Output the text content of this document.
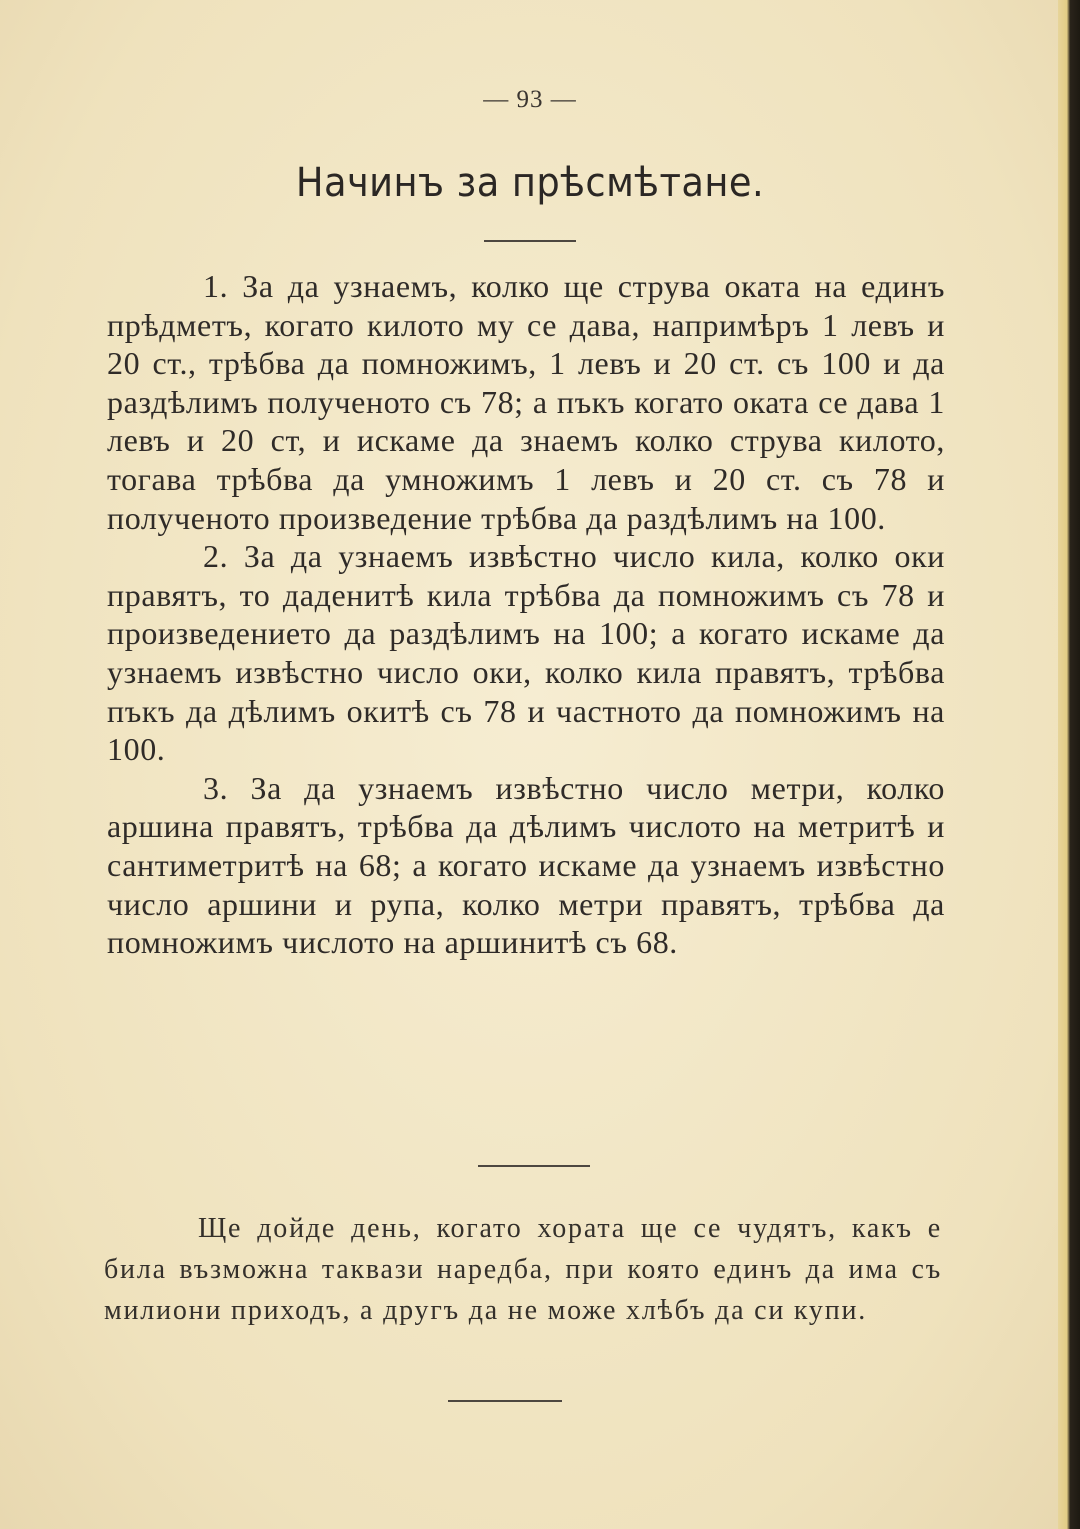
— 93 —
Начинъ за прѣсмѣтане.

1. За да узнаемъ, колко ще струва оката на единъ прѣдметъ, когато килото му се дава, напримѣръ 1 левъ и 20 ст., трѣбва да помножимъ, 1 левъ и 20 ст. съ 100 и да раздѣлимъ полученото съ 78; а пъкъ когато оката се дава 1 левъ и 20 ст, и искаме да знаемъ колко струва килото, тогава трѣбва да умножимъ 1 левъ и 20 ст. съ 78 и полученото произведение трѣбва да раздѣлимъ на 100.

2. За да узнаемъ извѣстно число кила, колко оки правятъ, то даденитѣ кила трѣбва да помножимъ съ 78 и произведението да раздѣлимъ на 100; а когато искаме да узнаемъ извѣстно число оки, колко кила правятъ, трѣбва пъкъ да дѣлимъ окитѣ съ 78 и частното да помножимъ на 100.

3. За да узнаемъ извѣстно число метри, колко аршина правятъ, трѣбва да дѣлимъ числото на метритѣ и сантиметритѣ на 68; а когато искаме да узнаемъ извѣстно число аршини и рупа, колко метри правятъ, трѣбва да помножимъ числото на аршинитѣ съ 68.

Ще дойде день, когато хората ще се чудятъ, какъ е била възможна таквази наредба, при която единъ да има съ милиони приходъ, а другъ да не може хлѣбъ да си купи.
